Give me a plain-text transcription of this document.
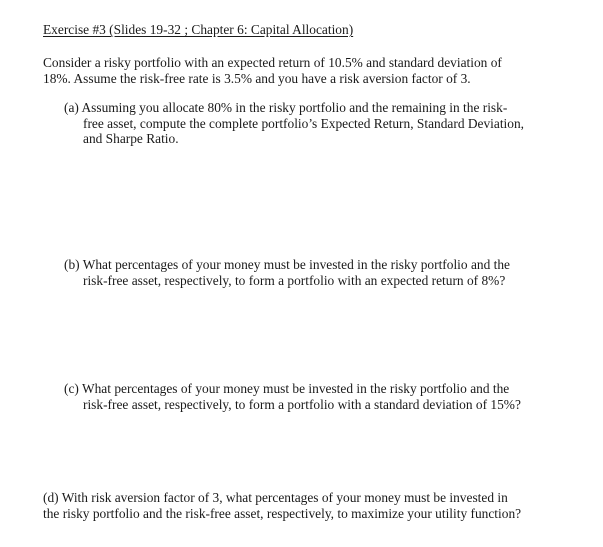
Exercise #3 (Slides 19-32 ; Chapter 6: Capital Allocation)
Consider a risky portfolio with an expected return of 10.5% and standard deviation of
18%. Assume the risk-free rate is 3.5% and you have a risk aversion factor of 3.
(a) Assuming you allocate 80% in the risky portfolio and the remaining in the risk-
free asset, compute the complete portfolio’s Expected Return, Standard Deviation,
and Sharpe Ratio.
(b) What percentages of your money must be invested in the risky portfolio and the
risk-free asset, respectively, to form a portfolio with an expected return of 8%?
(c) What percentages of your money must be invested in the risky portfolio and the
risk-free asset, respectively, to form a portfolio with a standard deviation of 15%?
(d) With risk aversion factor of 3, what percentages of your money must be invested in
the risky portfolio and the risk-free asset, respectively, to maximize your utility function?
